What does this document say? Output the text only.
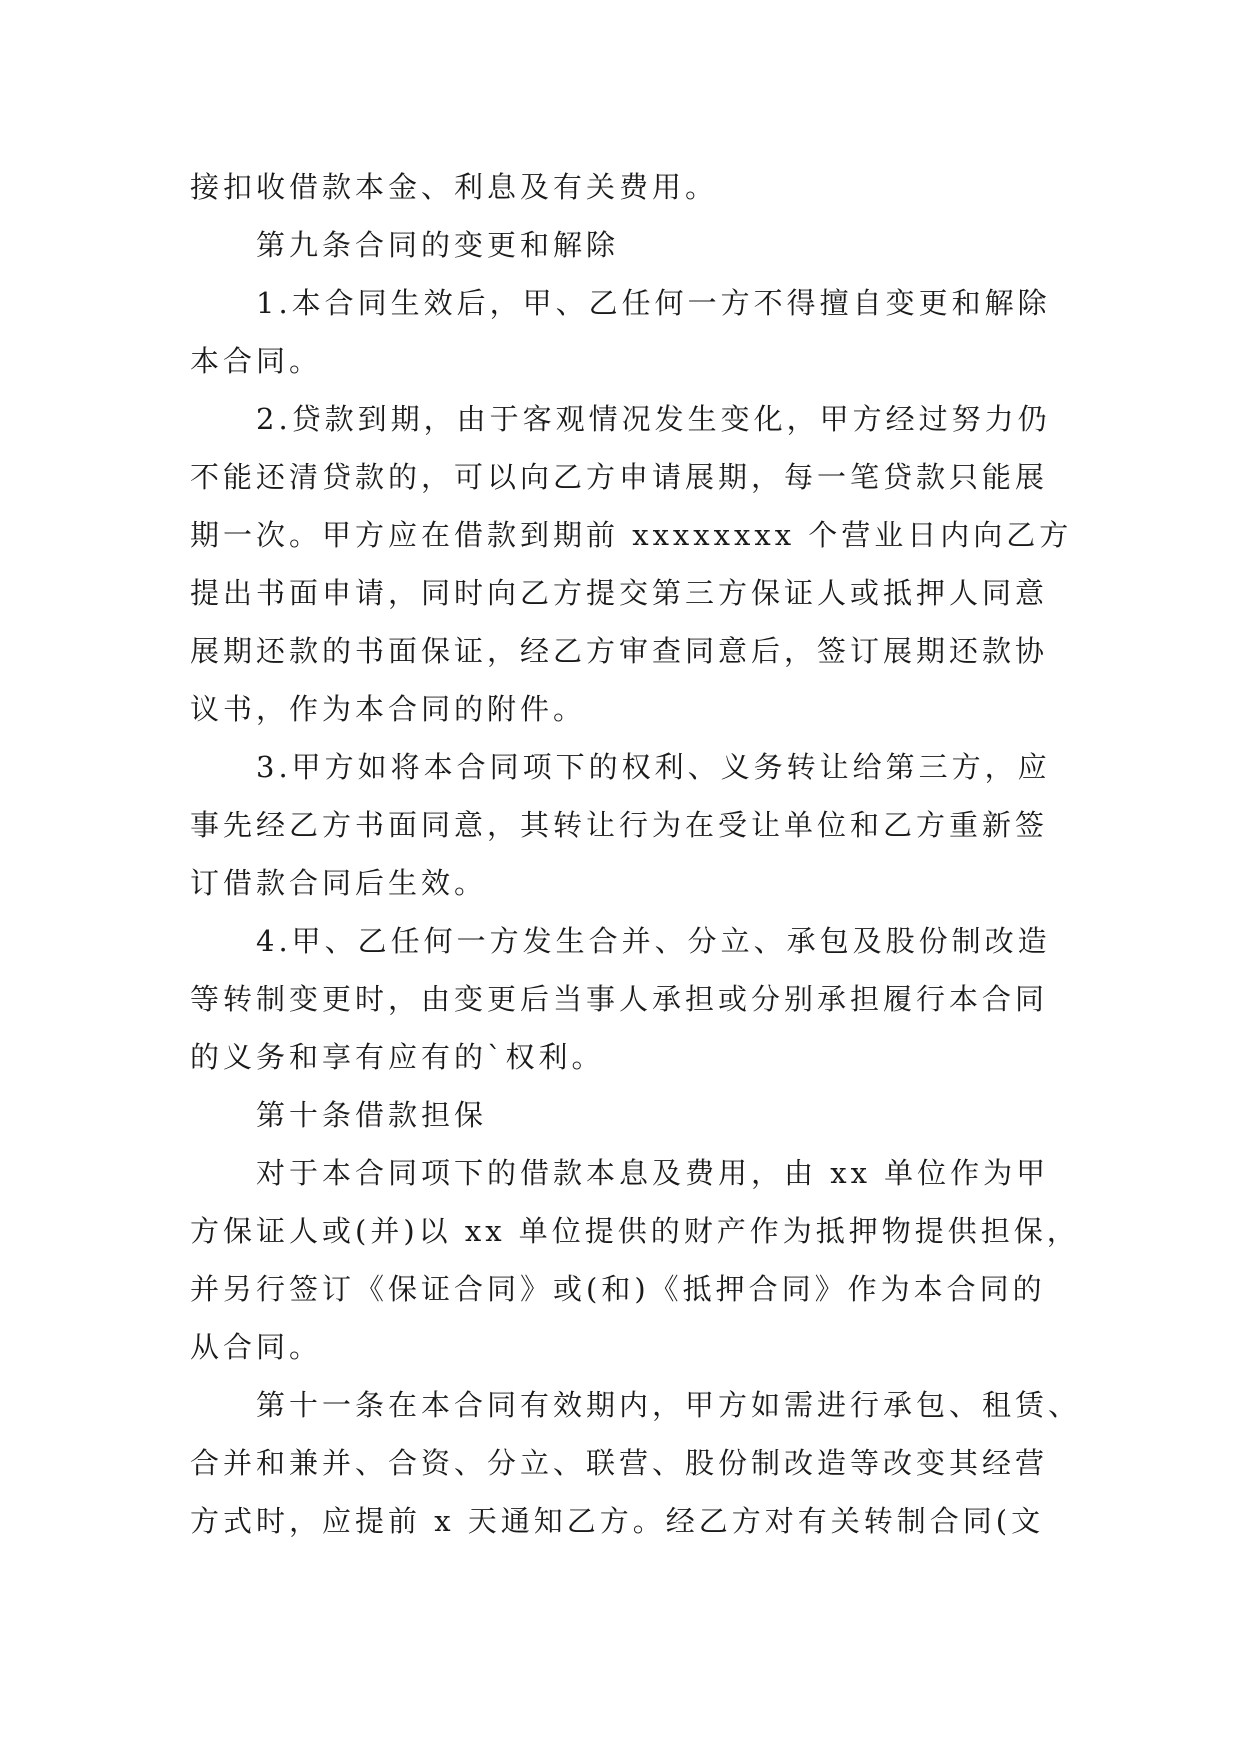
接扣收借款本金、利息及有关费用。
第九条合同的变更和解除
1.本合同生效后，甲、乙任何一方不得擅自变更和解除
本合同。
2.贷款到期，由于客观情况发生变化，甲方经过努力仍
不能还清贷款的，可以向乙方申请展期，每一笔贷款只能展
期一次。甲方应在借款到期前 xxxxxxxx 个营业日内向乙方
提出书面申请，同时向乙方提交第三方保证人或抵押人同意
展期还款的书面保证，经乙方审查同意后，签订展期还款协
议书，作为本合同的附件。
3.甲方如将本合同项下的权利、义务转让给第三方，应
事先经乙方书面同意，其转让行为在受让单位和乙方重新签
订借款合同后生效。
4.甲、乙任何一方发生合并、分立、承包及股份制改造
等转制变更时，由变更后当事人承担或分别承担履行本合同
的义务和享有应有的`权利。
第十条借款担保
对于本合同项下的借款本息及费用，由 xx 单位作为甲
方保证人或(并)以 xx 单位提供的财产作为抵押物提供担保，
并另行签订《保证合同》或(和)《抵押合同》作为本合同的
从合同。
第十一条在本合同有效期内，甲方如需进行承包、租赁、
合并和兼并、合资、分立、联营、股份制改造等改变其经营
方式时，应提前 x 天通知乙方。经乙方对有关转制合同(文
